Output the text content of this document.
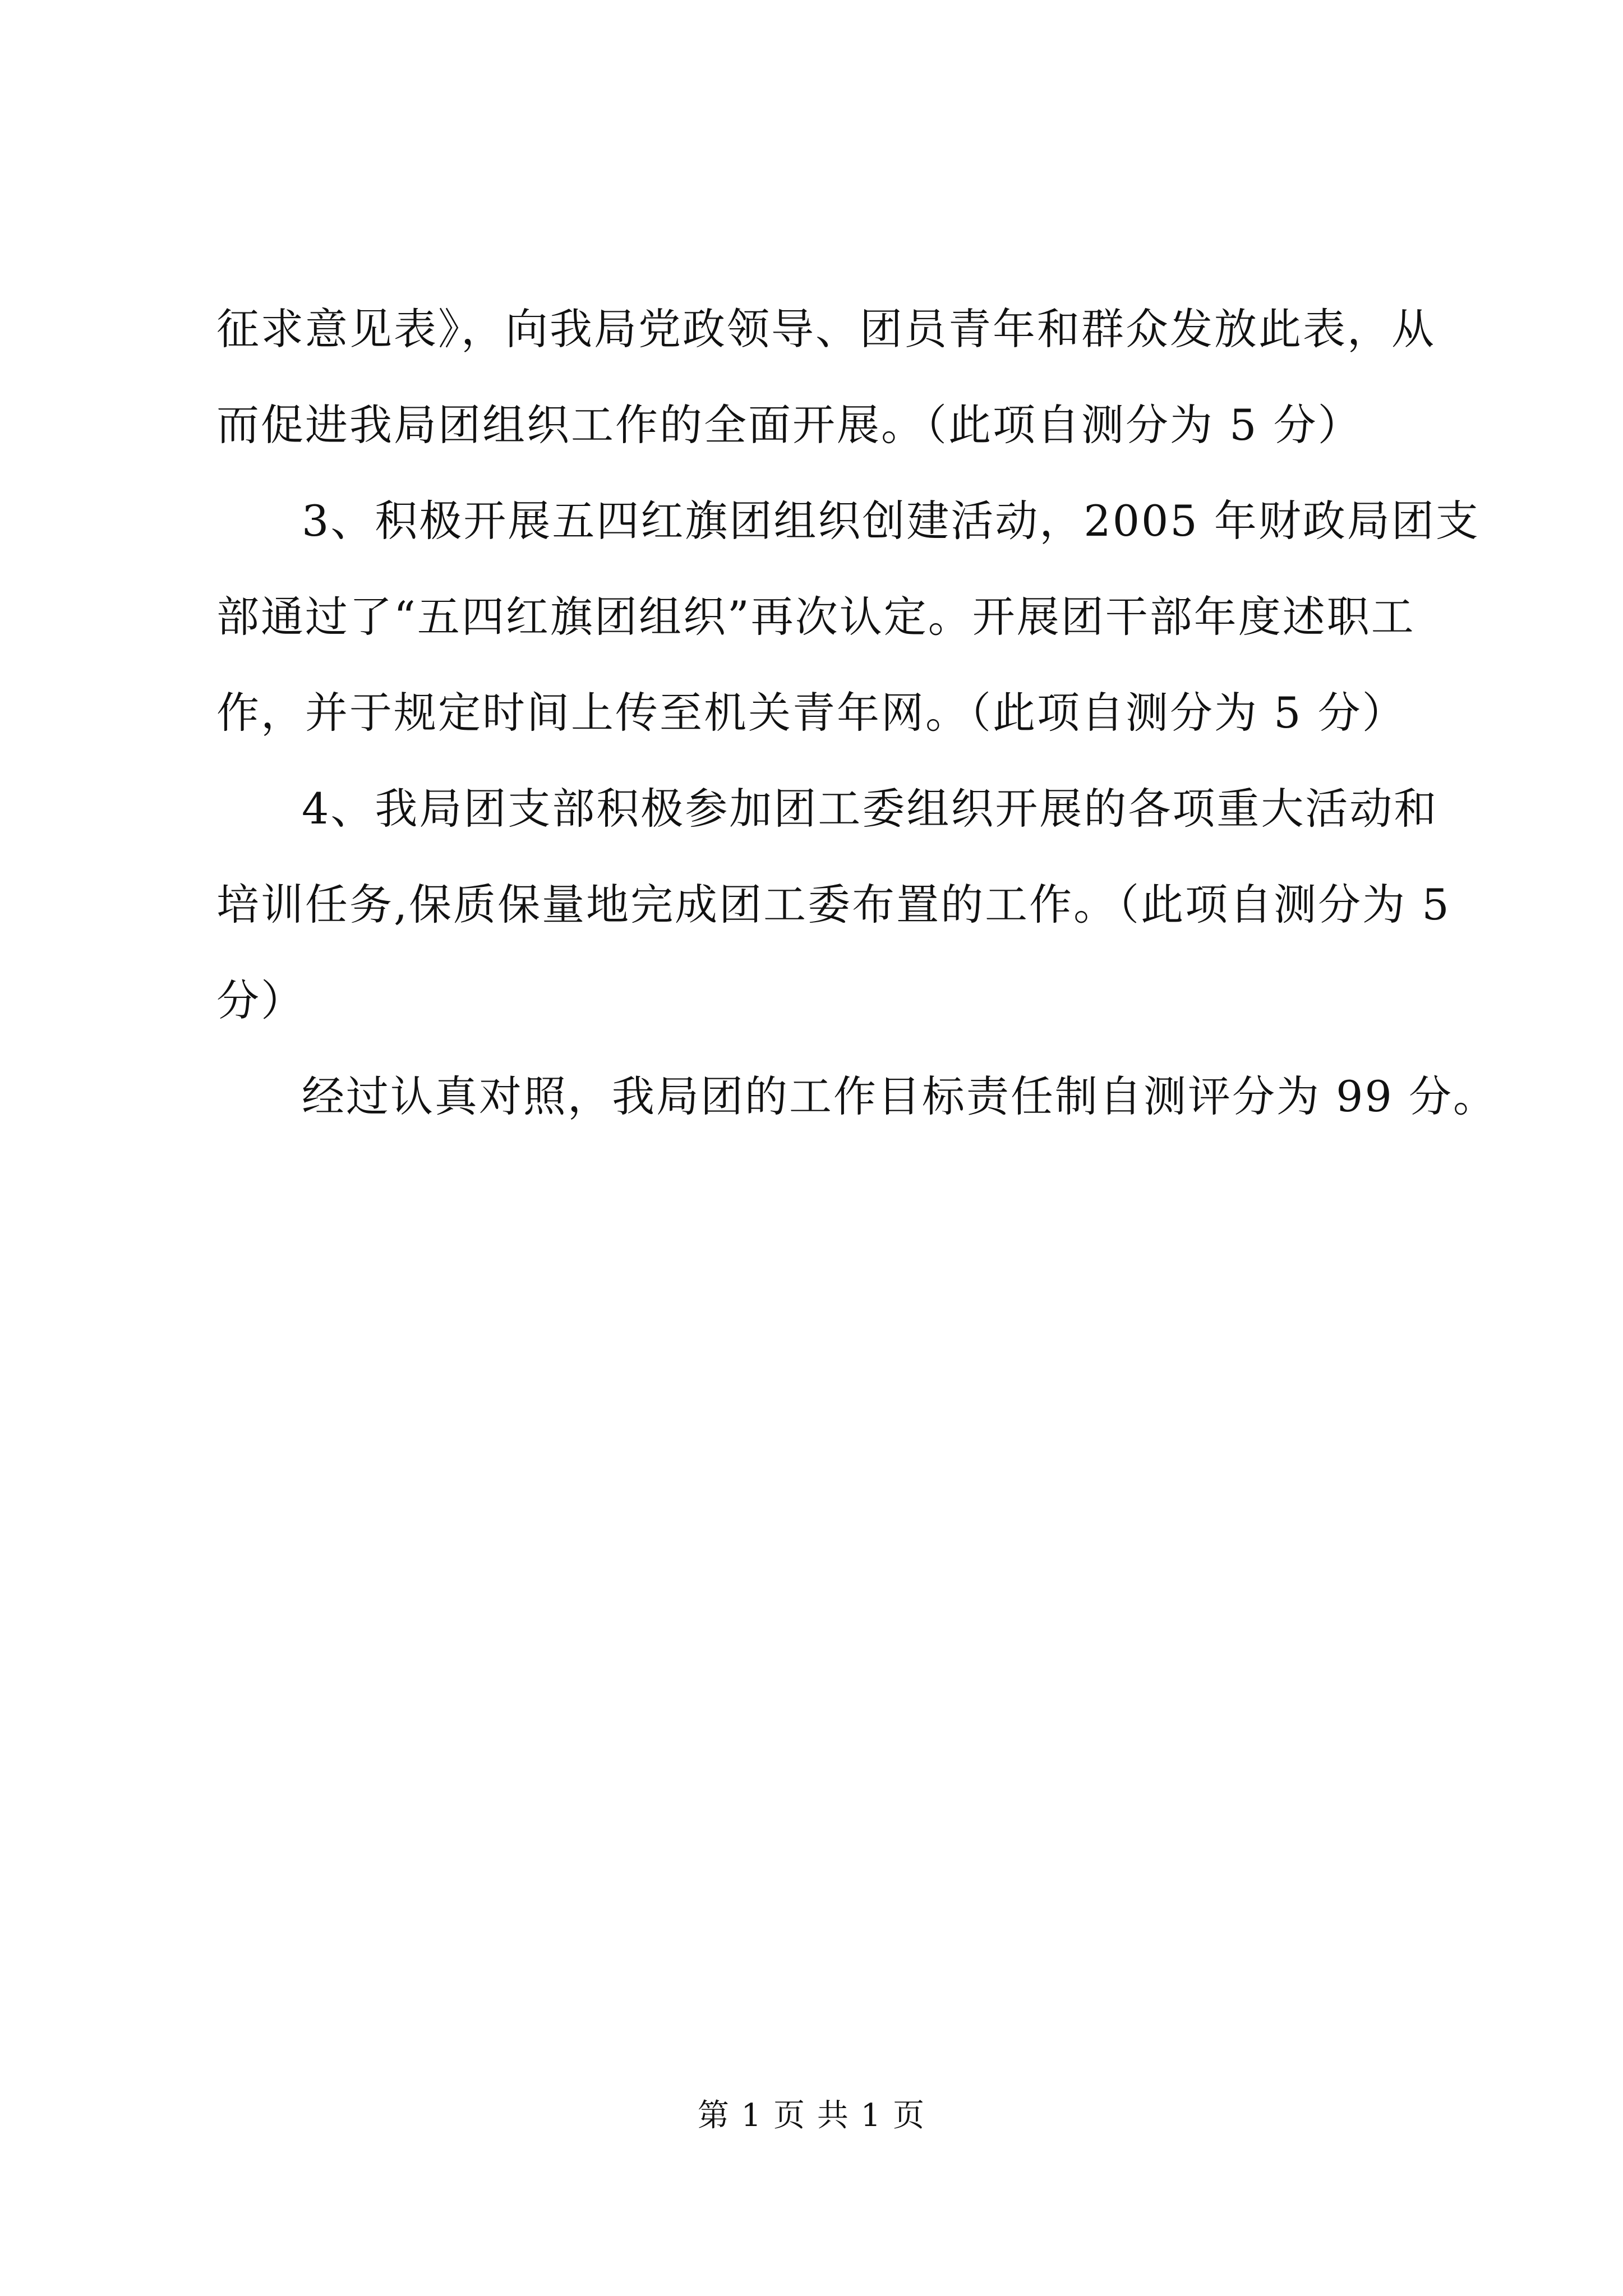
征求意见表》，向我局党政领导、团员青年和群众发放此表，从
而促进我局团组织工作的全面开展。（此项自测分为 5 分）
3、积极开展五四红旗团组织创建活动，2005 年财政局团支
部通过了“五四红旗团组织”再次认定。开展团干部年度述职工
作，并于规定时间上传至机关青年网。（此项自测分为 5 分）
4、我局团支部积极参加团工委组织开展的各项重大活动和
培训任务,保质保量地完成团工委布置的工作。（此项自测分为 5
分）
经过认真对照，我局团的工作目标责任制自测评分为 99 分。
第 1 页 共 1 页
